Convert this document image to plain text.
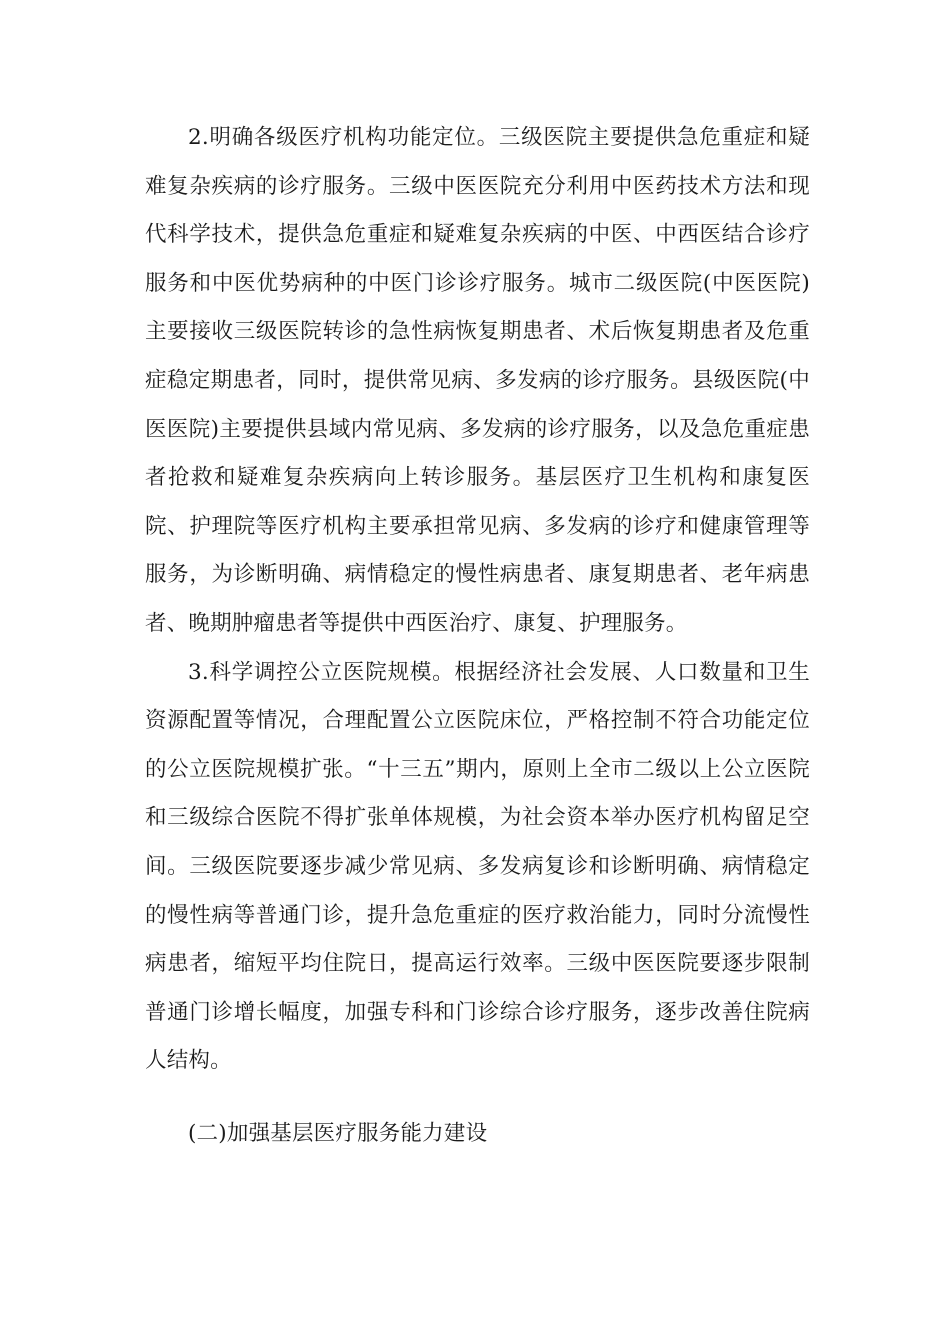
2.明确各级医疗机构功能定位。三级医院主要提供急危重症和疑难复杂疾病的诊疗服务。三级中医医院充分利用中医药技术方法和现代科学技术，提供急危重症和疑难复杂疾病的中医、中西医结合诊疗服务和中医优势病种的中医门诊诊疗服务。城市二级医院(中医医院)主要接收三级医院转诊的急性病恢复期患者、术后恢复期患者及危重症稳定期患者，同时，提供常见病、多发病的诊疗服务。县级医院(中医医院)主要提供县域内常见病、多发病的诊疗服务，以及急危重症患者抢救和疑难复杂疾病向上转诊服务。基层医疗卫生机构和康复医院、护理院等医疗机构主要承担常见病、多发病的诊疗和健康管理等服务，为诊断明确、病情稳定的慢性病患者、康复期患者、老年病患者、晚期肿瘤患者等提供中西医治疗、康复、护理服务。

3.科学调控公立医院规模。根据经济社会发展、人口数量和卫生资源配置等情况，合理配置公立医院床位，严格控制不符合功能定位的公立医院规模扩张。“十三五”期内，原则上全市二级以上公立医院和三级综合医院不得扩张单体规模，为社会资本举办医疗机构留足空间。三级医院要逐步减少常见病、多发病复诊和诊断明确、病情稳定的慢性病等普通门诊，提升急危重症的医疗救治能力，同时分流慢性病患者，缩短平均住院日，提高运行效率。三级中医医院要逐步限制普通门诊增长幅度，加强专科和门诊综合诊疗服务，逐步改善住院病人结构。

(二)加强基层医疗服务能力建设
